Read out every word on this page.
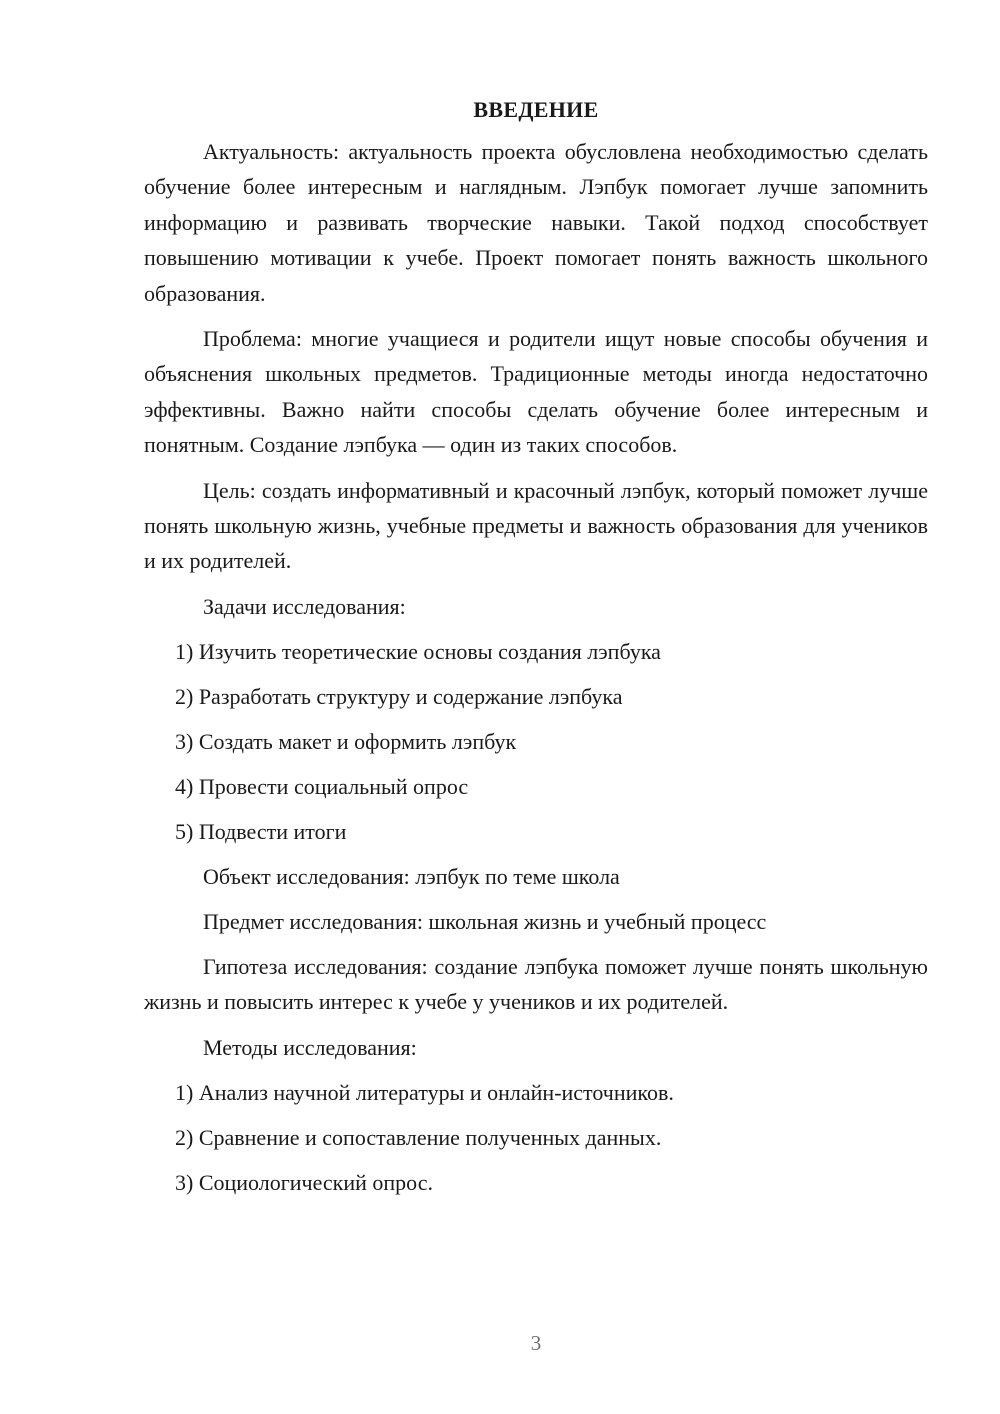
ВВЕДЕНИЕ

Актуальность: актуальность проекта обусловлена необходимостью сделать обучение более интересным и наглядным. Лэпбук помогает лучше запомнить информацию и развивать творческие навыки. Такой подход способствует повышению мотивации к учебе. Проект помогает понять важность школьного образования.

Проблема: многие учащиеся и родители ищут новые способы обучения и объяснения школьных предметов. Традиционные методы иногда недостаточно эффективны. Важно найти способы сделать обучение более интересным и понятным. Создание лэпбука — один из таких способов.

Цель: создать информативный и красочный лэпбук, который поможет лучше понять школьную жизнь, учебные предметы и важность образования для учеников и их родителей.

Задачи исследования:
1) Изучить теоретические основы создания лэпбука
2) Разработать структуру и содержание лэпбука
3) Создать макет и оформить лэпбук
4) Провести социальный опрос
5) Подвести итоги
Объект исследования: лэпбук по теме школа
Предмет исследования: школьная жизнь и учебный процесс

Гипотеза исследования: создание лэпбука поможет лучше понять школьную жизнь и повысить интерес к учебе у учеников и их родителей.

Методы исследования:
1) Анализ научной литературы и онлайн-источников.
2) Сравнение и сопоставление полученных данных.
3) Социологический опрос.
3
